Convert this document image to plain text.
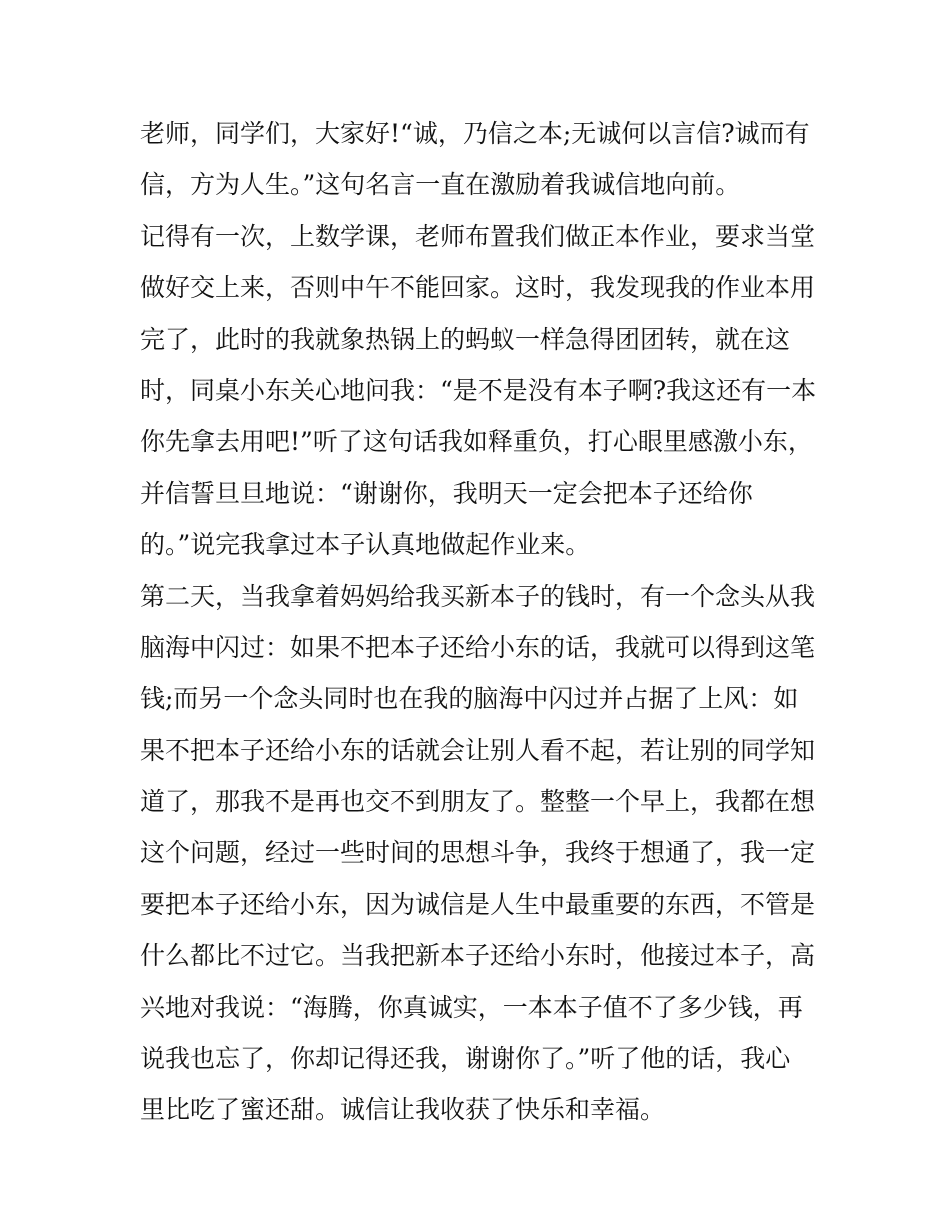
老师，同学们，大家好!“诚，乃信之本;无诚何以言信?诚而有
信，方为人生。”这句名言一直在激励着我诚信地向前。
记得有一次，上数学课，老师布置我们做正本作业，要求当堂
做好交上来，否则中午不能回家。这时，我发现我的作业本用
完了，此时的我就象热锅上的蚂蚁一样急得团团转，就在这
时，同桌小东关心地问我：“是不是没有本子啊?我这还有一本
你先拿去用吧!”听了这句话我如释重负，打心眼里感激小东，
并信誓旦旦地说：“谢谢你，我明天一定会把本子还给你
的。”说完我拿过本子认真地做起作业来。
第二天，当我拿着妈妈给我买新本子的钱时，有一个念头从我
脑海中闪过：如果不把本子还给小东的话，我就可以得到这笔
钱;而另一个念头同时也在我的脑海中闪过并占据了上风：如
果不把本子还给小东的话就会让别人看不起，若让别的同学知
道了，那我不是再也交不到朋友了。整整一个早上，我都在想
这个问题，经过一些时间的思想斗争，我终于想通了，我一定
要把本子还给小东，因为诚信是人生中最重要的东西，不管是
什么都比不过它。当我把新本子还给小东时，他接过本子，高
兴地对我说：“海腾，你真诚实，一本本子值不了多少钱，再
说我也忘了，你却记得还我，谢谢你了。”听了他的话，我心
里比吃了蜜还甜。诚信让我收获了快乐和幸福。
